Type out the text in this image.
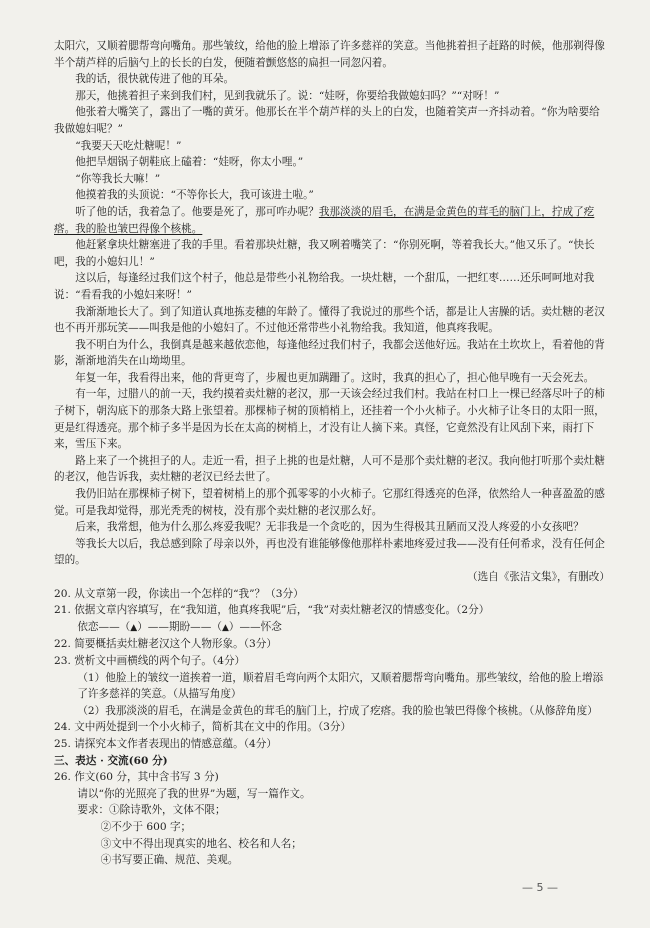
太阳穴，又顺着腮帮弯向嘴角。那些皱纹，给他的脸上增添了许多慈祥的笑意。当他挑着担子赶路的时候，他那剃得像半个葫芦样的后脑勺上的长长的白发，便随着颤悠悠的扁担一同忽闪着。

我的话，很快就传进了他的耳朵。

那天，他挑着担子来到我们村，见到我就乐了。说：“娃呀，你要给我做媳妇吗？”“对呀！”

他张着大嘴笑了，露出了一嘴的黄牙。他那长在半个葫芦样的头上的白发，也随着笑声一齐抖动着。“你为啥要给我做媳妇呢？”

“我要天天吃灶糖呢！”

他把旱烟锅子朝鞋底上磕着：“娃呀，你太小哩。”

“你等我长大嘛！”

他摸着我的头顶说：“不等你长大，我可该进土啦。”

听了他的话，我着急了。他要是死了，那可咋办呢？我那淡淡的眉毛，在满是金黄色的茸毛的脑门上，拧成了疙瘩。我的脸也皱巴得像个核桃。

他赶紧拿块灶糖塞进了我的手里。看着那块灶糖，我又咧着嘴笑了：“你别死啊，等着我长大。”他又乐了。“快长吧，我的小媳妇儿！”

这以后，每逢经过我们这个村子，他总是带些小礼物给我。一块灶糖，一个甜瓜，一把红枣……还乐呵呵地对我说：“看看我的小媳妇来呀！”

我渐渐地长大了。到了知道认真地拣麦穗的年龄了。懂得了我说过的那些个话，都是让人害臊的话。卖灶糖的老汉也不再开那玩笑——叫我是他的小媳妇了。不过他还常带些小礼物给我。我知道，他真疼我呢。

我不明白为什么，我倒真是越来越依恋他，每逢他经过我们村子，我都会送他好远。我站在土坎坎上，看着他的背影，渐渐地消失在山坳坳里。

年复一年，我看得出来，他的背更弯了，步履也更加蹒跚了。这时，我真的担心了，担心他早晚有一天会死去。

有一年，过腊八的前一天，我约摸着卖灶糖的老汉，那一天该会经过我们村。我站在村口上一棵已经落尽叶子的柿子树下，朝沟底下的那条大路上张望着。那棵柿子树的顶梢梢上，还挂着一个小火柿子。小火柿子让冬日的太阳一照，更是红得透亮。那个柿子多半是因为长在太高的树梢上，才没有让人摘下来。真怪，它竟然没有让风刮下来，雨打下来，雪压下来。

路上来了一个挑担子的人。走近一看，担子上挑的也是灶糖，人可不是那个卖灶糖的老汉。我向他打听那个卖灶糖的老汉，他告诉我，卖灶糖的老汉已经去世了。

我仍旧站在那棵柿子树下，望着树梢上的那个孤零零的小火柿子。它那红得透亮的色泽，依然给人一种喜盈盈的感觉。可是我却觉得，那光秃秃的树枝，没有那个卖灶糖的老汉那么好。

后来，我常想，他为什么那么疼爱我呢？无非我是一个贪吃的，因为生得极其丑陋而又没人疼爱的小女孩吧？

等我长大以后，我总感到除了母亲以外，再也没有谁能够像他那样朴素地疼爱过我——没有任何希求，没有任何企望的。

（选自《张洁文集》，有删改）

20. 从文章第一段，你读出一个怎样的“我”？（3分）

21. 依据文章内容填写，在“我知道，他真疼我呢”后，“我”对卖灶糖老汉的情感变化。（2分）

依恋——（▲）——期盼——（▲）——怀念

22. 简要概括卖灶糖老汉这个人物形象。（3分）

23. 赏析文中画横线的两个句子。（4分）

（1）他脸上的皱纹一道挨着一道，顺着眉毛弯向两个太阳穴，又顺着腮帮弯向嘴角。那些皱纹，给他的脸上增添了许多慈祥的笑意。（从描写角度）

（2）我那淡淡的眉毛，在满是金黄色的茸毛的脑门上，拧成了疙瘩。我的脸也皱巴得像个核桃。（从修辞角度）

24. 文中两处提到一个小火柿子，简析其在文中的作用。（3分）

25. 请探究本文作者表现出的情感意蕴。（4分）

三、表达 · 交流(60 分)

26. 作文(60 分，其中含书写 3 分)

请以“你的光照亮了我的世界”为题，写一篇作文。

要求：①除诗歌外，文体不限；

②不少于 600 字；

③文中不得出现真实的地名、校名和人名；

④书写要正确、规范、美观。

— 5 —
